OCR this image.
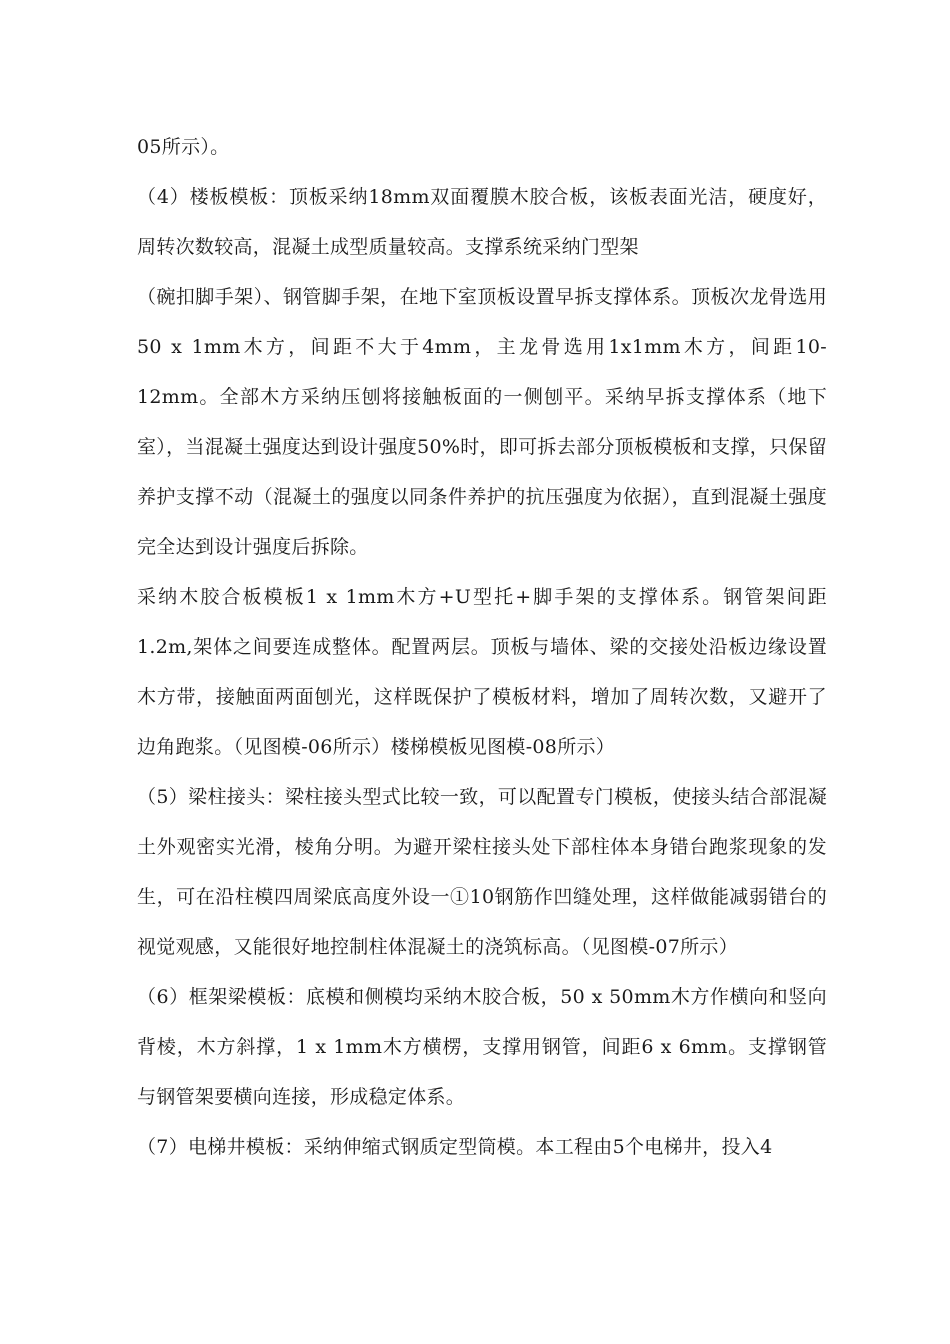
05所示）。

（4）楼板模板：顶板采纳18mm双面覆膜木胶合板，该板表面光洁，硬度好，周转次数较高，混凝土成型质量较高。支撑系统采纳门型架

（碗扣脚手架）、钢管脚手架，在地下室顶板设置早拆支撑体系。顶板次龙骨选用50 x 1mm木方，间距不大于4mm，主龙骨选用1x1mm木方，间距10-12mm。全部木方采纳压刨将接触板面的一侧刨平。采纳早拆支撑体系（地下室），当混凝土强度达到设计强度50%时，即可拆去部分顶板模板和支撑，只保留养护支撑不动（混凝土的强度以同条件养护的抗压强度为依据），直到混凝土强度完全达到设计强度后拆除。

采纳木胶合板模板1 x 1mm木方+U型托+脚手架的支撑体系。钢管架间距1.2m,架体之间要连成整体。配置两层。顶板与墙体、梁的交接处沿板边缘设置木方带，接触面两面刨光，这样既保护了模板材料，增加了周转次数，又避开了边角跑浆。（见图模-06所示）楼梯模板见图模-08所示）

（5）梁柱接头：梁柱接头型式比较一致，可以配置专门模板，使接头结合部混凝土外观密实光滑，棱角分明。为避开梁柱接头处下部柱体本身错台跑浆现象的发生，可在沿柱模四周梁底高度外设一①10钢筋作凹缝处理，这样做能减弱错台的视觉观感，又能很好地控制柱体混凝土的浇筑标高。（见图模-07所示）

（6）框架梁模板：底模和侧模均采纳木胶合板，50 x 50mm木方作横向和竖向背棱，木方斜撑，1 x 1mm木方横楞，支撑用钢管，间距6 x 6mm。支撑钢管与钢管架要横向连接，形成稳定体系。

（7）电梯井模板：采纳伸缩式钢质定型筒模。本工程由5个电梯井，投入4
